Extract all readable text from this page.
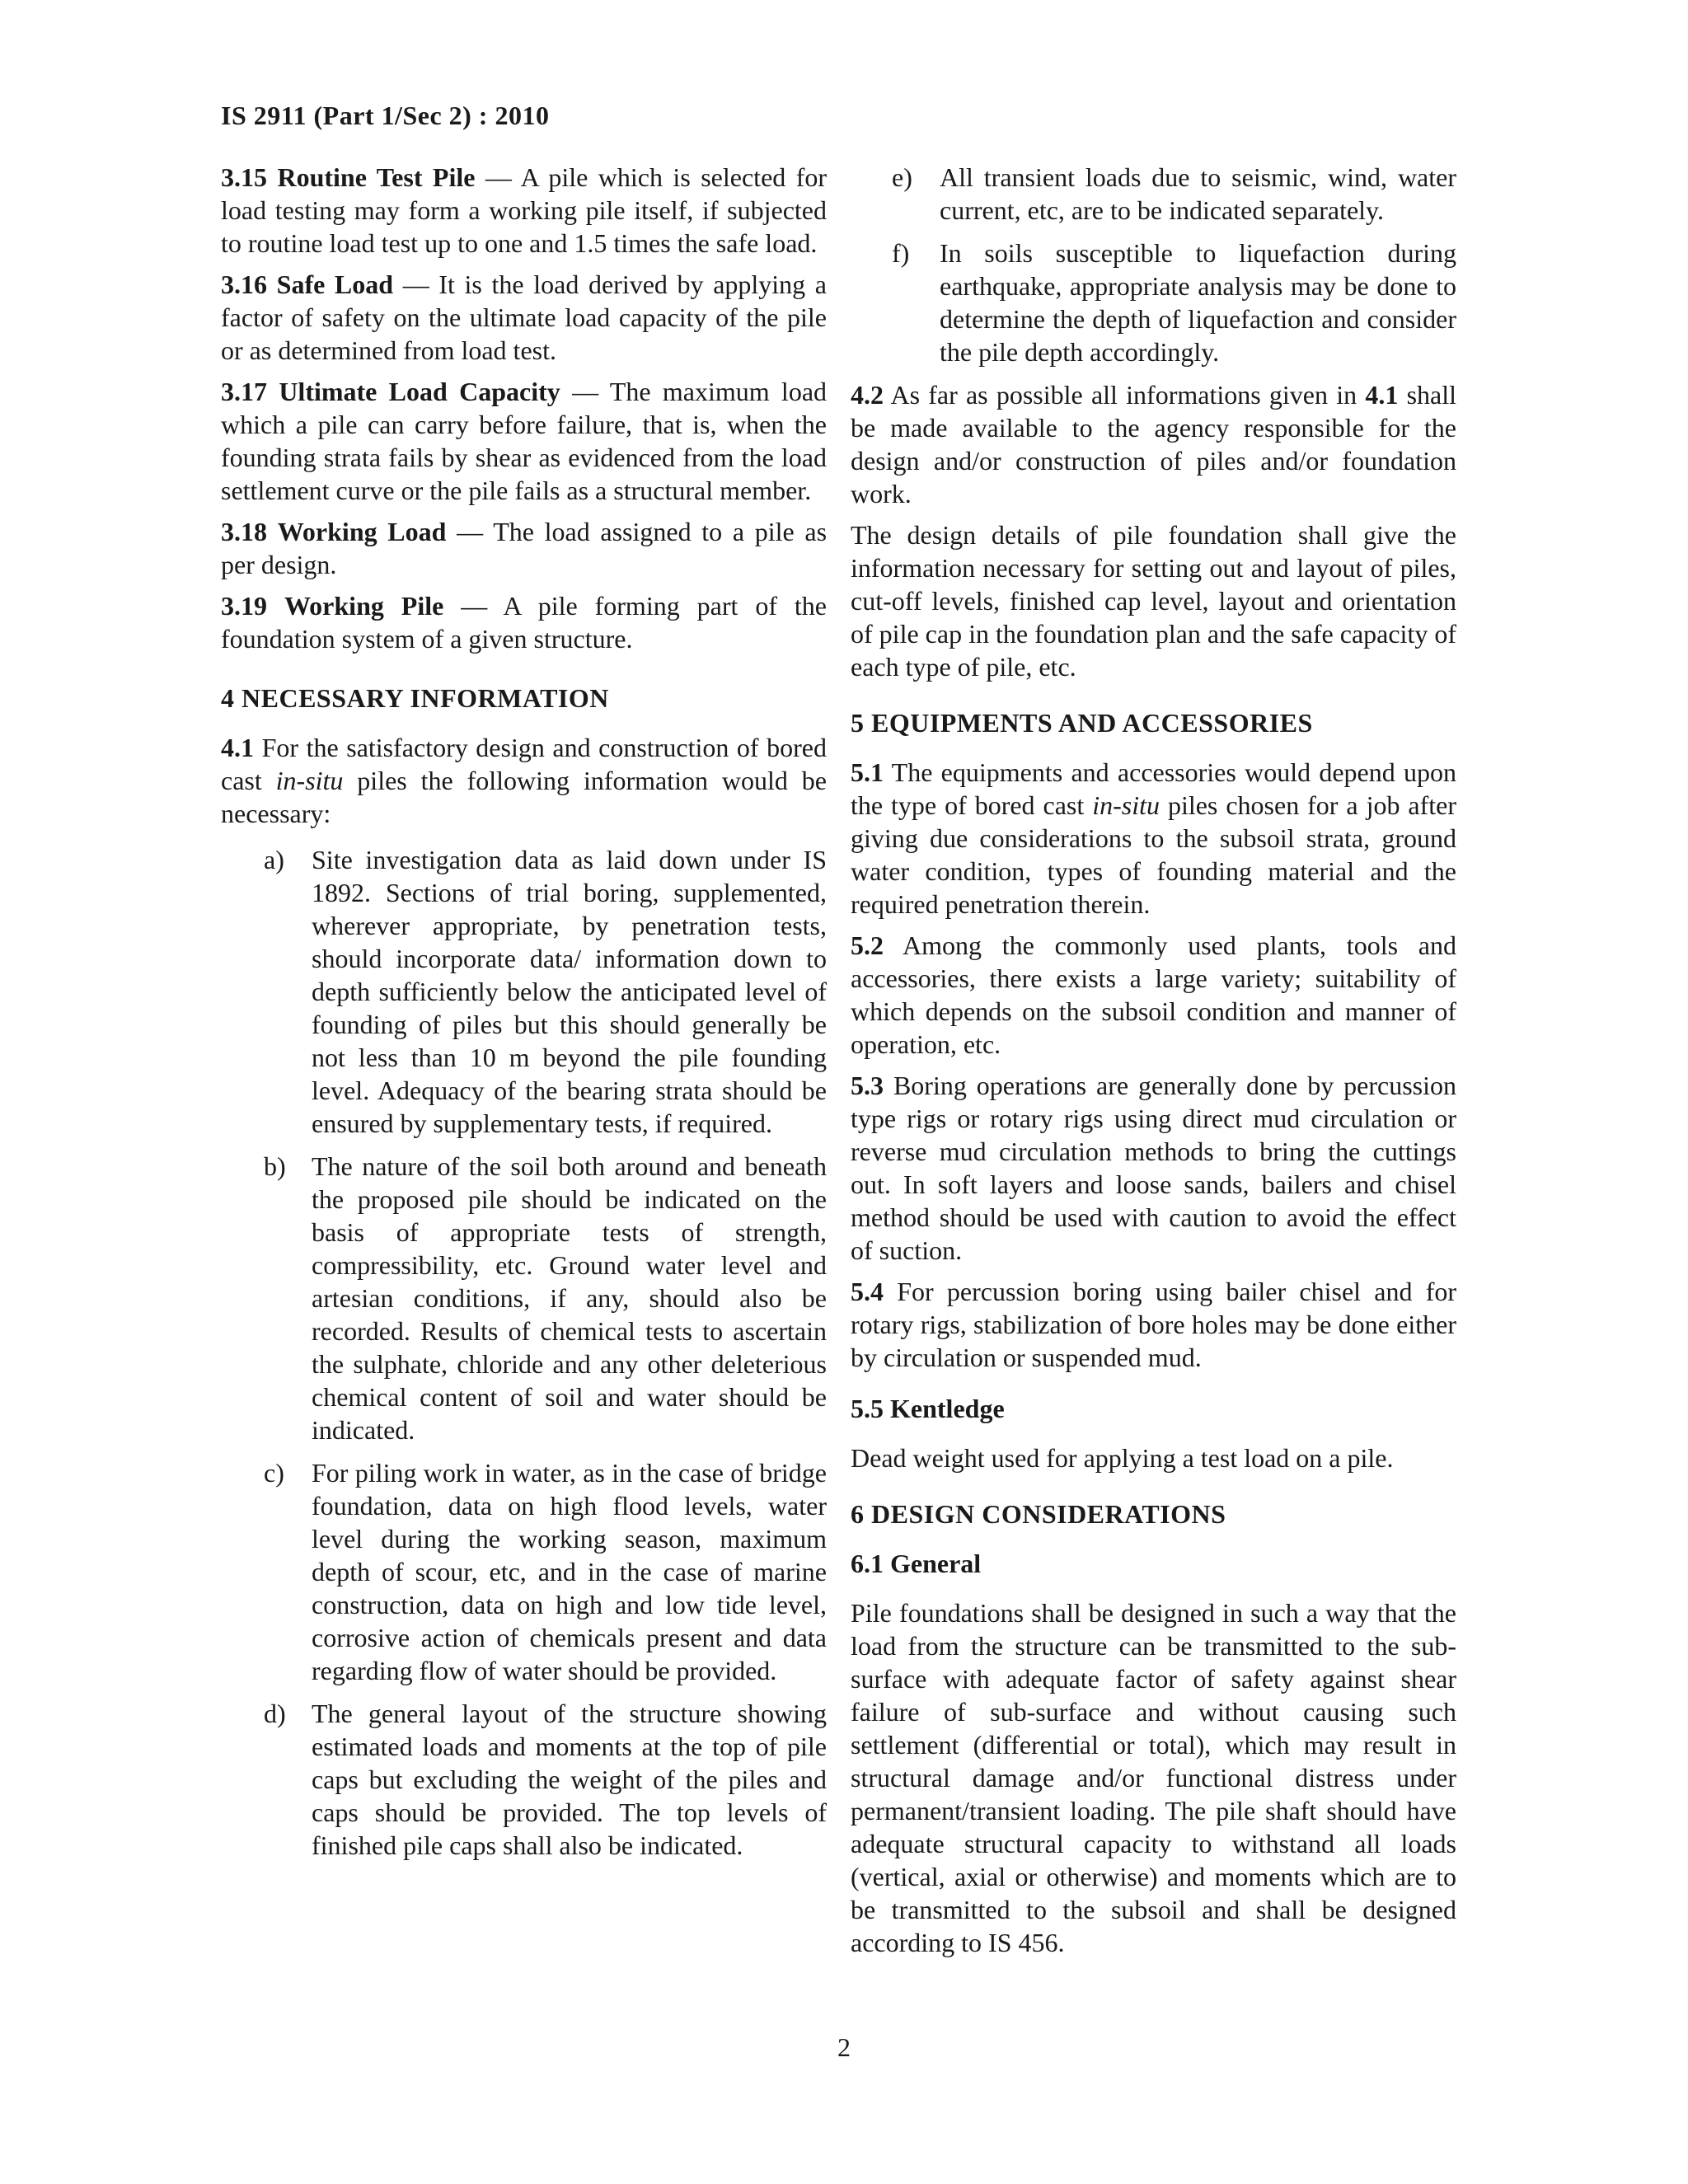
IS 2911 (Part 1/Sec 2) : 2010

3.15 Routine Test Pile — A pile which is selected for load testing may form a working pile itself, if subjected to routine load test up to one and 1.5 times the safe load.

3.16 Safe Load — It is the load derived by applying a factor of safety on the ultimate load capacity of the pile or as determined from load test.

3.17 Ultimate Load Capacity — The maximum load which a pile can carry before failure, that is, when the founding strata fails by shear as evidenced from the load settlement curve or the pile fails as a structural member.

3.18 Working Load — The load assigned to a pile as per design.

3.19 Working Pile — A pile forming part of the foundation system of a given structure.

4 NECESSARY INFORMATION

4.1 For the satisfactory design and construction of bored cast in-situ piles the following information would be necessary:

a) Site investigation data as laid down under IS 1892. Sections of trial boring, supplemented, wherever appropriate, by penetration tests, should incorporate data/ information down to depth sufficiently below the anticipated level of founding of piles but this should generally be not less than 10 m beyond the pile founding level. Adequacy of the bearing strata should be ensured by supplementary tests, if required.
b) The nature of the soil both around and beneath the proposed pile should be indicated on the basis of appropriate tests of strength, compressibility, etc. Ground water level and artesian conditions, if any, should also be recorded. Results of chemical tests to ascertain the sulphate, chloride and any other deleterious chemical content of soil and water should be indicated.
c) For piling work in water, as in the case of bridge foundation, data on high flood levels, water level during the working season, maximum depth of scour, etc, and in the case of marine construction, data on high and low tide level, corrosive action of chemicals present and data regarding flow of water should be provided.
d) The general layout of the structure showing estimated loads and moments at the top of pile caps but excluding the weight of the piles and caps should be provided. The top levels of finished pile caps shall also be indicated.
e) All transient loads due to seismic, wind, water current, etc, are to be indicated separately.
f) In soils susceptible to liquefaction during earthquake, appropriate analysis may be done to determine the depth of liquefaction and consider the pile depth accordingly.

4.2 As far as possible all informations given in 4.1 shall be made available to the agency responsible for the design and/or construction of piles and/or foundation work.

The design details of pile foundation shall give the information necessary for setting out and layout of piles, cut-off levels, finished cap level, layout and orientation of pile cap in the foundation plan and the safe capacity of each type of pile, etc.

5 EQUIPMENTS AND ACCESSORIES

5.1 The equipments and accessories would depend upon the type of bored cast in-situ piles chosen for a job after giving due considerations to the subsoil strata, ground water condition, types of founding material and the required penetration therein.

5.2 Among the commonly used plants, tools and accessories, there exists a large variety; suitability of which depends on the subsoil condition and manner of operation, etc.

5.3 Boring operations are generally done by percussion type rigs or rotary rigs using direct mud circulation or reverse mud circulation methods to bring the cuttings out. In soft layers and loose sands, bailers and chisel method should be used with caution to avoid the effect of suction.

5.4 For percussion boring using bailer chisel and for rotary rigs, stabilization of bore holes may be done either by circulation or suspended mud.

5.5 Kentledge

Dead weight used for applying a test load on a pile.

6 DESIGN CONSIDERATIONS
6.1 General

Pile foundations shall be designed in such a way that the load from the structure can be transmitted to the sub-surface with adequate factor of safety against shear failure of sub-surface and without causing such settlement (differential or total), which may result in structural damage and/or functional distress under permanent/transient loading. The pile shaft should have adequate structural capacity to withstand all loads (vertical, axial or otherwise) and moments which are to be transmitted to the subsoil and shall be designed according to IS 456.

2
